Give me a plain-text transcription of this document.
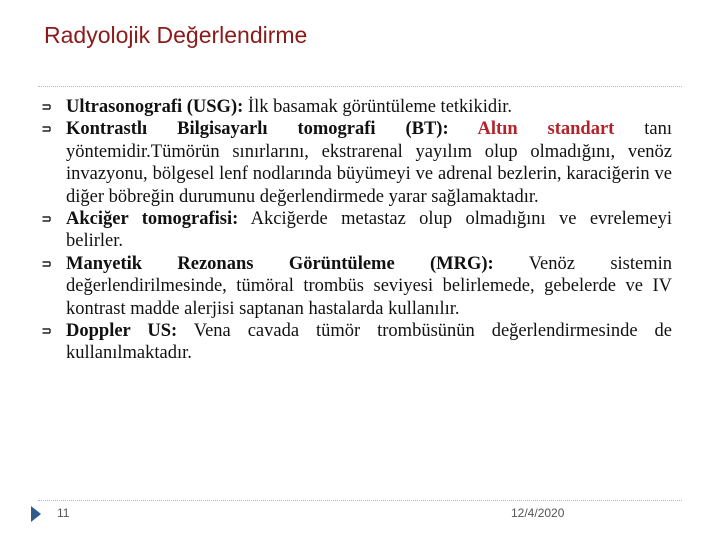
Radyolojik Değerlendirme
Ultrasonografi (USG): İlk basamak görüntüleme tetkikidir.
Kontrastlı Bilgisayarlı tomografi (BT): Altın standart tanı yöntemidir.Tümörün sınırlarını, ekstrarenal yayılım olup olmadığını, venöz invazyonu, bölgesel lenf nodlarında büyümeyi ve adrenal bezlerin, karaciğerin ve diğer böbreğin durumunu değerlendirmede yarar sağlamaktadır.
Akciğer tomografisi: Akciğerde metastaz olup olmadığını ve evrelemeyi belirler.
Manyetik Rezonans Görüntüleme (MRG): Venöz sistemin değerlendirilmesinde, tümöral trombüs seviyesi belirlemede, gebelerde ve IV kontrast madde alerjisi saptanan hastalarda kullanılır.
Doppler US: Vena cavada tümör trombüsünün değerlendirmesinde de kullanılmaktadır.
11	12/4/2020
